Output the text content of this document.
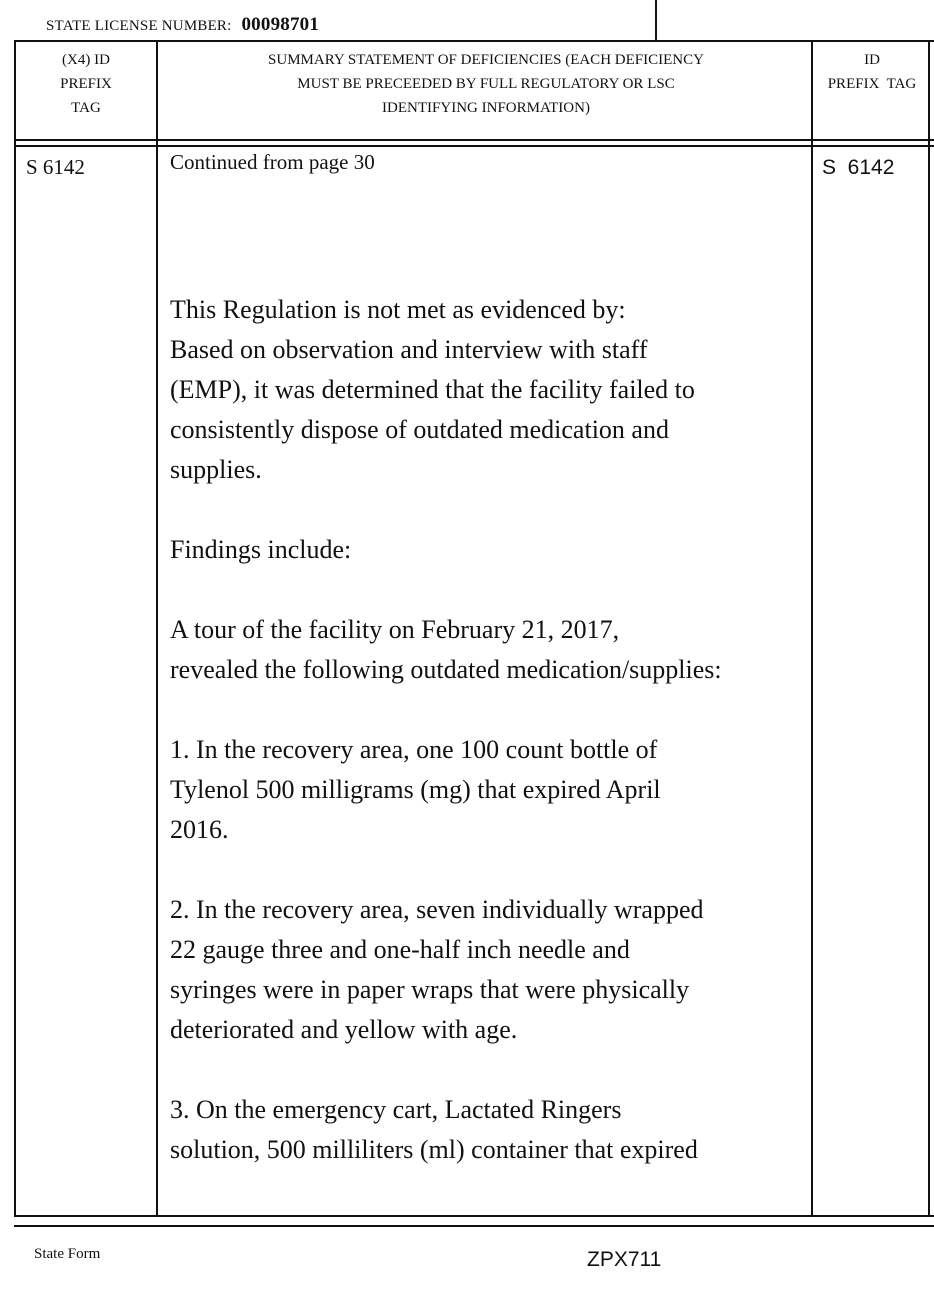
STATE LICENSE NUMBER: 00098701
(X4) ID
PREFIX
TAG
SUMMARY STATEMENT OF DEFICIENCIES (EACH DEFICIENCY
MUST BE PRECEEDED BY FULL REGULATORY OR LSC
IDENTIFYING INFORMATION)
ID
PREFIX  TAG
S 6142	S  6142
Continued from page 30
This Regulation is not met as evidenced by:
Based on observation and interview with staff
(EMP), it was determined that the facility failed to
consistently dispose of outdated medication and
supplies.
Findings include:
A tour of the facility on February 21, 2017,
revealed the following outdated medication/supplies:
1. In the recovery area, one 100 count bottle of
Tylenol 500 milligrams (mg) that expired April
2016.
2. In the recovery area, seven individually wrapped
22 gauge three and one-half inch needle and
syringes were in paper wraps that were physically
deteriorated and yellow with age.
3. On the emergency cart, Lactated Ringers
solution, 500 milliliters (ml) container that expired
State Form	ZPX711
